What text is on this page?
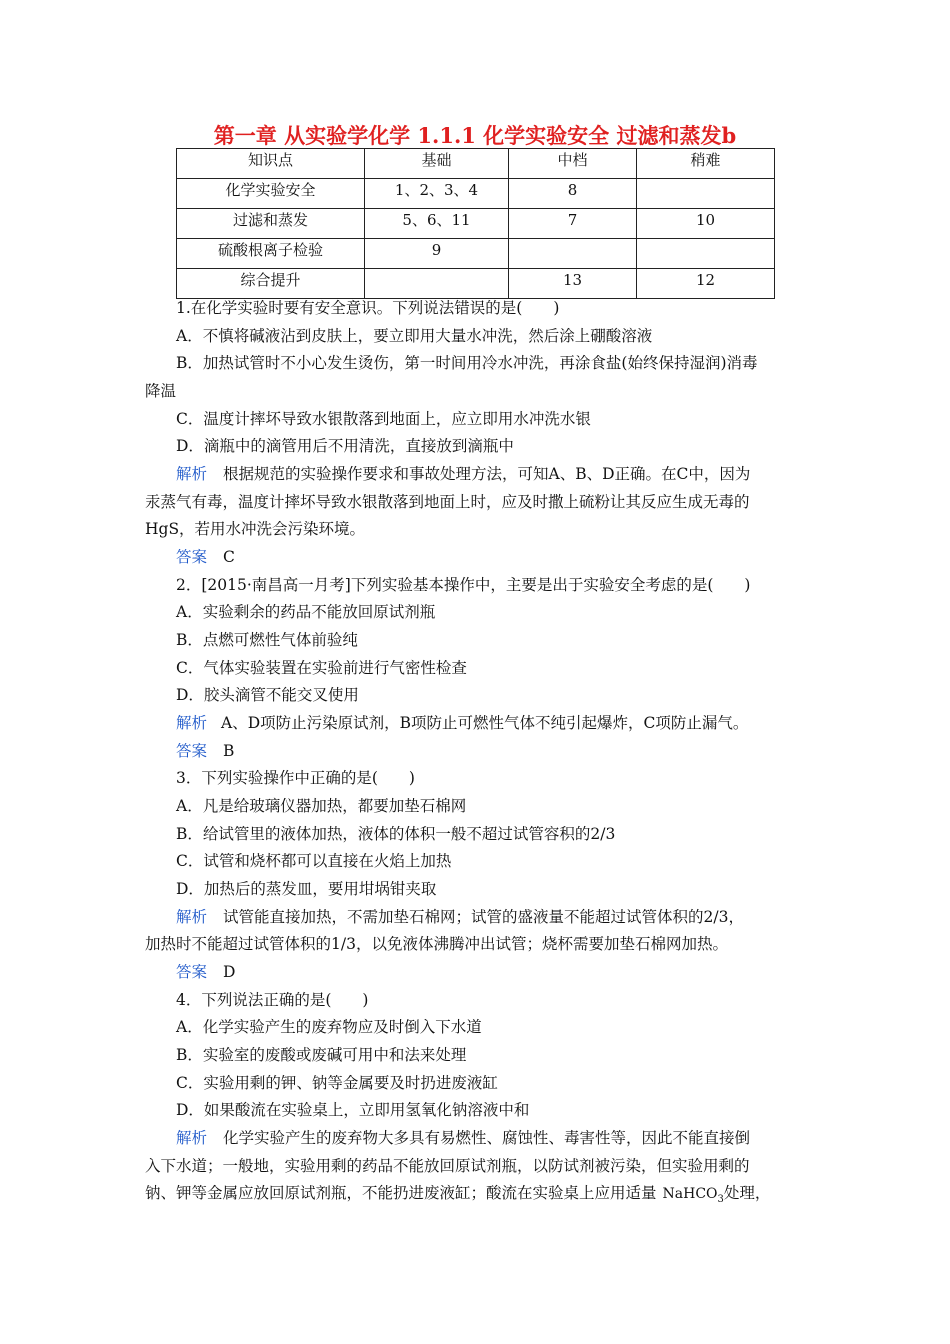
第一章 从实验学化学 1.1.1 化学实验安全 过滤和蒸发b
知识点	基础	中档	稍难
化学实验安全	1、2、3、4	8	
过滤和蒸发	5、6、11	7	10
硫酸根离子检验	9		
综合提升		13	12
1.在化学实验时要有安全意识。下列说法错误的是(　　)
A．不慎将碱液沾到皮肤上，要立即用大量水冲洗，然后涂上硼酸溶液
B．加热试管时不小心发生烫伤，第一时间用冷水冲洗，再涂食盐(始终保持湿润)消毒
降温
C．温度计摔坏导致水银散落到地面上，应立即用水冲洗水银
D．滴瓶中的滴管用后不用清洗，直接放到滴瓶中
解析 根据规范的实验操作要求和事故处理方法，可知A、B、D正确。在C中，因为
汞蒸气有毒，温度计摔坏导致水银散落到地面上时，应及时撒上硫粉让其反应生成无毒的
HgS，若用水冲洗会污染环境。
答案 C
2．[2015·南昌高一月考]下列实验基本操作中，主要是出于实验安全考虑的是(　　)
A．实验剩余的药品不能放回原试剂瓶
B．点燃可燃性气体前验纯
C．气体实验装置在实验前进行气密性检查
D．胶头滴管不能交叉使用
解析 A、D项防止污染原试剂，B项防止可燃性气体不纯引起爆炸，C项防止漏气。
答案 B
3．下列实验操作中正确的是(　　)
A．凡是给玻璃仪器加热，都要加垫石棉网
B．给试管里的液体加热，液体的体积一般不超过试管容积的2/3
C．试管和烧杯都可以直接在火焰上加热
D．加热后的蒸发皿，要用坩埚钳夹取
解析 试管能直接加热，不需加垫石棉网；试管的盛液量不能超过试管体积的2/3，
加热时不能超过试管体积的1/3，以免液体沸腾冲出试管；烧杯需要加垫石棉网加热。
答案 D
4．下列说法正确的是(　　)
A．化学实验产生的废弃物应及时倒入下水道
B．实验室的废酸或废碱可用中和法来处理
C．实验用剩的钾、钠等金属要及时扔进废液缸
D．如果酸流在实验桌上，立即用氢氧化钠溶液中和
解析 化学实验产生的废弃物大多具有易燃性、腐蚀性、毒害性等，因此不能直接倒
入下水道；一般地，实验用剩的药品不能放回原试剂瓶，以防试剂被污染，但实验用剩的
钠、钾等金属应放回原试剂瓶，不能扔进废液缸；酸流在实验桌上应用适量 NaHCO$_3$处理，
